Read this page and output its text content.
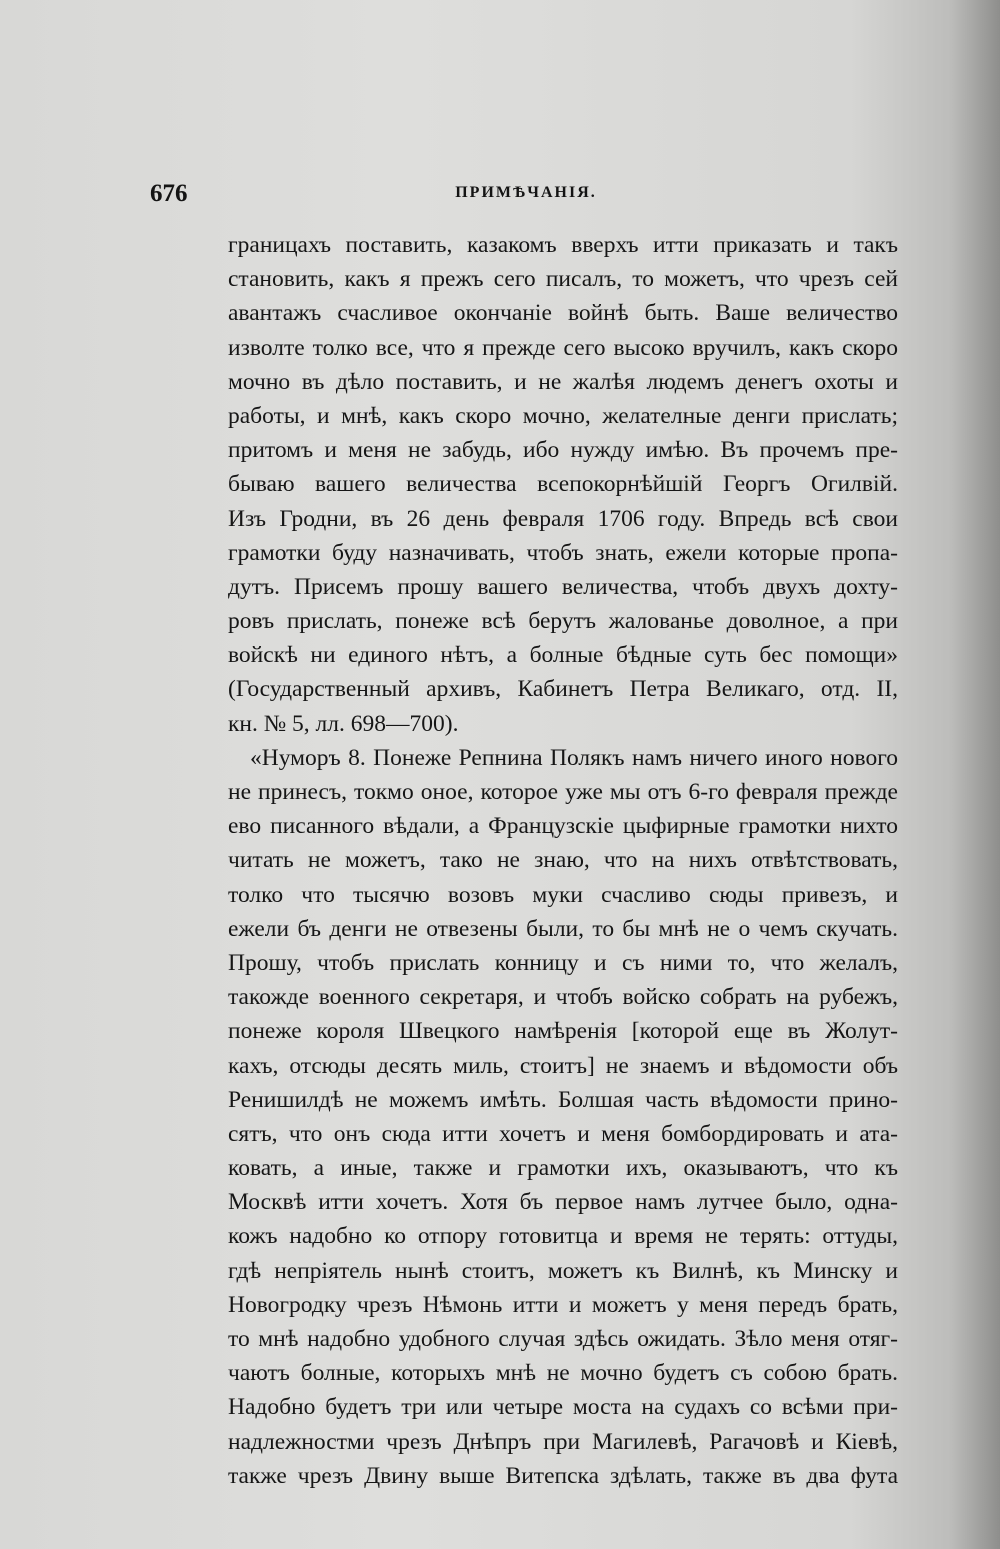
676	ПРИМѢЧАНІЯ.
границахъ поставить, казакомъ вверхъ итти приказать и такъ
становить, какъ я прежъ сего писалъ, то можетъ, что чрезъ сей
авантажъ счасливое окончаніе войнѣ быть. Ваше величество
изволте толко все, что я прежде сего высоко вручилъ, какъ скоро
мочно въ дѣло поставить, и не жалѣя людемъ денегъ охоты и
работы, и мнѣ, какъ скоро мочно, желателные денги прислать;
притомъ и меня не забудь, ибо нужду имѣю. Въ прочемъ пре-
бываю вашего величества всепокорнѣйшій Георгъ Огилвій.
Изъ Гродни, въ 26 день февраля 1706 году. Впредь всѣ свои
грамотки буду назначивать, чтобъ знать, ежели которые пропа-
дутъ. Присемъ прошу вашего величества, чтобъ двухъ дохту-
ровъ прислать, понеже всѣ берутъ жалованье доволное, а при
войскѣ ни единого нѣтъ, а болные бѣдные суть бес помощи»
(Государственный архивъ, Кабинетъ Петра Великаго, отд. II,
кн. № 5, лл. 698—700).
«Нуморъ 8. Понеже Репнина Полякъ намъ ничего иного нового
не принесъ, токмо оное, которое уже мы отъ 6-го февраля прежде
ево писанного вѣдали, а Французскіе цыфирные грамотки нихто
читать не можетъ, тако не знаю, что на нихъ отвѣтствовать,
толко что тысячю возовъ муки счасливо сюды привезъ, и
ежели бъ денги не отвезены были, то бы мнѣ не о чемъ скучать.
Прошу, чтобъ прислать конницу и съ ними то, что желалъ,
такожде военного секретаря, и чтобъ войско собрать на рубежъ,
понеже короля Швецкого намѣренія [которой еще въ Жолут-
кахъ, отсюды десять миль, стоитъ] не знаемъ и вѣдомости объ
Ренишилдѣ не можемъ имѣть. Болшая часть вѣдомости прино-
сятъ, что онъ сюда итти хочетъ и меня бомбордировать и ата-
ковать, а иные, также и грамотки ихъ, оказываютъ, что къ
Москвѣ итти хочетъ. Хотя бъ первое намъ лутчее было, одна-
кожъ надобно ко отпору готовитца и время не терять: оттуды,
гдѣ непріятель нынѣ стоитъ, можетъ къ Вилнѣ, къ Минску и
Новогродку чрезъ Нѣмонь итти и можетъ у меня передъ брать,
то мнѣ надобно удобного случая здѣсь ожидать. Зѣло меня отяг-
чаютъ болные, которыхъ мнѣ не мочно будетъ съ собою брать.
Надобно будетъ три или четыре моста на судахъ со всѣми при-
надлежностми чрезъ Днѣпръ при Магилевѣ, Рагачовѣ и Кіевѣ,
также чрезъ Двину выше Витепска здѣлать, также въ два фута
